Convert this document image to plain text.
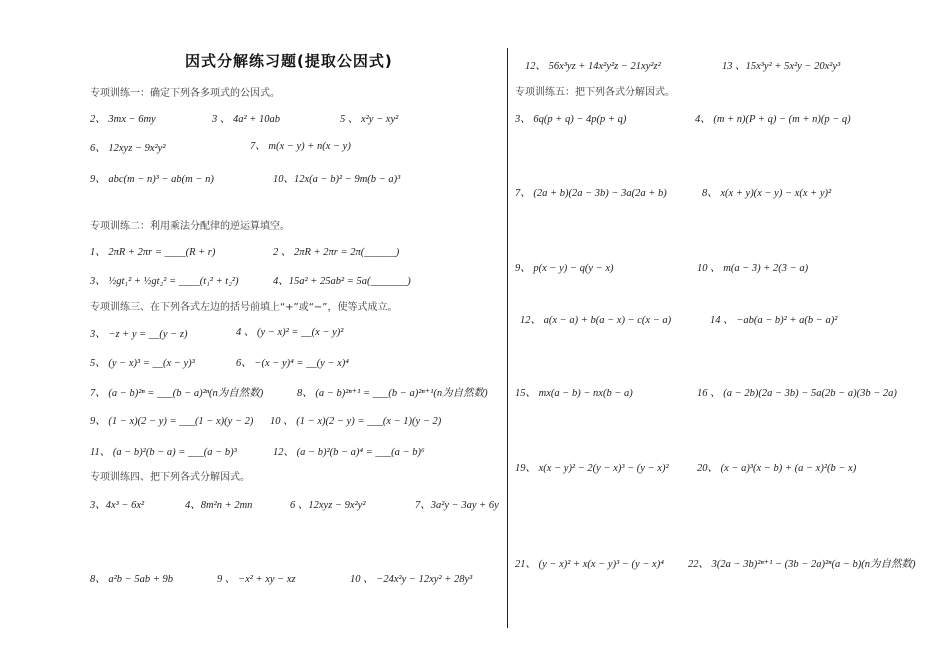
因式分解练习题(提取公因式)
专项训练一：确定下列各多项式的公因式。
2、 3mx − 6my	3 、 4a² + 10ab	5 、 x²y − xy²
6、 12xyz − 9x²y²	7、 m(x − y) + n(x − y)
9、 abc(m − n)³ − ab(m − n)	10、12x(a − b)² − 9m(b − a)³
专项训练二：利用乘法分配律的逆运算填空。
1、 2πR + 2πr = ____(R + r)	2 、 2πR + 2πr = 2π(______)
3、 ½gt₁² + ½gt₂² = ____(t₁² + t₂²)	4、15a² + 25ab² = 5a(_______)
专项训练三、在下列各式左边的括号前填上“+”或“−”，使等式成立。
3、 −z + y = __(y − z)	4 、 (y − x)² = __(x − y)²
5、 (y − x)³ = __(x − y)³	6、 −(x − y)⁴ = __(y − x)⁴
7、 (a − b)²ⁿ = ___(b − a)²ⁿ(n为自然数)	8、 (a − b)²ⁿ⁺¹ = ___(b − a)²ⁿ⁺¹(n为自然数)
9、 (1 − x)(2 − y) = ___(1 − x)(y − 2) 10 、 (1 − x)(2 − y) = ___(x − 1)(y − 2)
11、 (a − b)²(b − a) = ___(a − b)³	12、 (a − b)²(b − a)⁴ = ___(a − b)⁶
专项训练四、把下列各式分解因式。
3、4x³ − 6x²	4、8m²n + 2mn	6 、12xyz − 9x²y²	7、3a²y − 3ay + 6y
8、 a²b − 5ab + 9b	9 、 −x² + xy − xz	10 、 −24x²y − 12xy² + 28y³
12、 56x³yz + 14x²y²z − 21xy²z²	13 、15x³y² + 5x²y − 20x²y³
专项训练五：把下列各式分解因式。
3、 6q(p + q) − 4p(p + q)	4、 (m + n)(P + q) − (m + n)(p − q)
7、 (2a + b)(2a − 3b) − 3a(2a + b)	8、 x(x + y)(x − y) − x(x + y)²
9、 p(x − y) − q(y − x)	10 、 m(a − 3) + 2(3 − a)
12、 a(x − a) + b(a − x) − c(x − a)	14 、 −ab(a − b)² + a(b − a)²
15、 mx(a − b) − nx(b − a)	16 、 (a − 2b)(2a − 3b) − 5a(2b − a)(3b − 2a)
19、 x(x − y)² − 2(y − x)³ − (y − x)²	20、 (x − a)³(x − b) + (a − x)²(b − x)
21、 (y − x)² + x(x − y)³ − (y − x)⁴ 22、 3(2a − 3b)²ⁿ⁺¹ − (3b − 2a)²ⁿ(a − b)(n为自然数)
